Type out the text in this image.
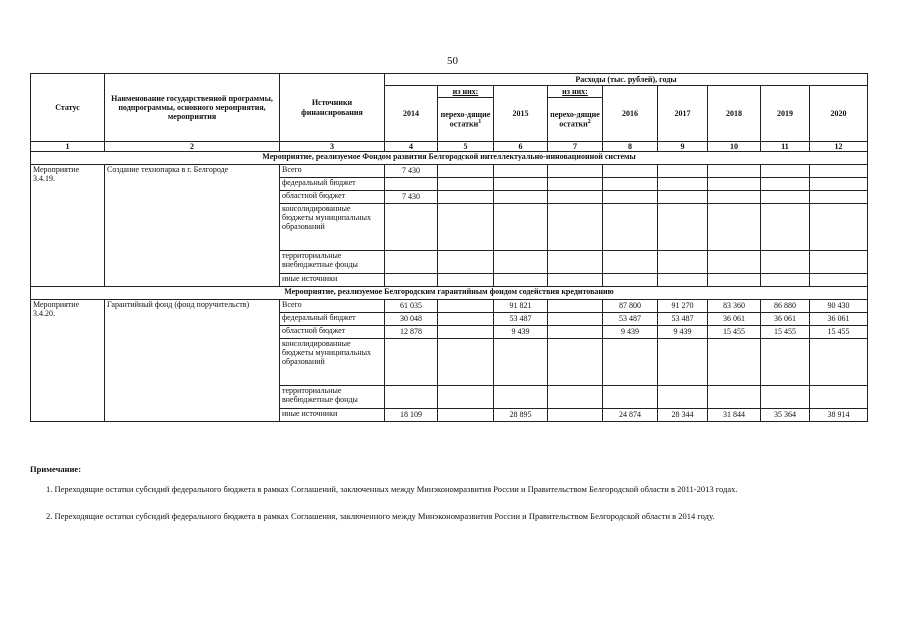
50
Статус	Наименование государственной программы, подпрограммы, основного мероприятия, мероприятия	Источники финансирования	Расходы (тыс. рублей), годы								
			2014	из них:	2015	из них:	2016	2017	2018	2019	2020
				перехо-дящие остатки$^1$		перехо-дящие остатки$^2$
1	2	3	4	5	6	7	8	9	10	11	12
Мероприятие, реализуемое Фондом развития Белгородской интеллектуально-инновационной системы											
Мероприятие 3.4.19.	Создание технопарка в г. Белгороде	Всего	7 430								
		федеральный бюджет									
		областной бюджет	7 430								
		консолидированные бюджеты муниципальных образований									
		территориальные внебюджетные фонды									
		иные источники									
Мероприятие, реализуемое Белгородским гарантийным фондом содействия кредитованию											
Мероприятие 3.4.20.	Гарантийный фонд (фонд поручительств)	Всего	61 035		91 821		87 800	91 270	83 360	86 880	90 430
		федеральный бюджет	30 048		53 487		53 487	53 487	36 061	36 061	36 061
		областной бюджет	12 878		9 439		9 439	9 439	15 455	15 455	15 455
		консолидированные бюджеты муниципальных образований									
		территориальные внебюджетные фонды									
		иные источники	18 109		28 895		24 874	28 344	31 844	35 364	38 914
Примечание:
1. Переходящие остатки субсидий федерального бюджета в рамках Соглашений, заключенных между Минэкономразвития России и Правительством Белгородской области в 2011-2013 годах.
2. Переходящие остатки субсидий федерального бюджета в рамках Соглашения, заключенного между Минэкономразвития России и Правительством Белгородской области в 2014 году.
